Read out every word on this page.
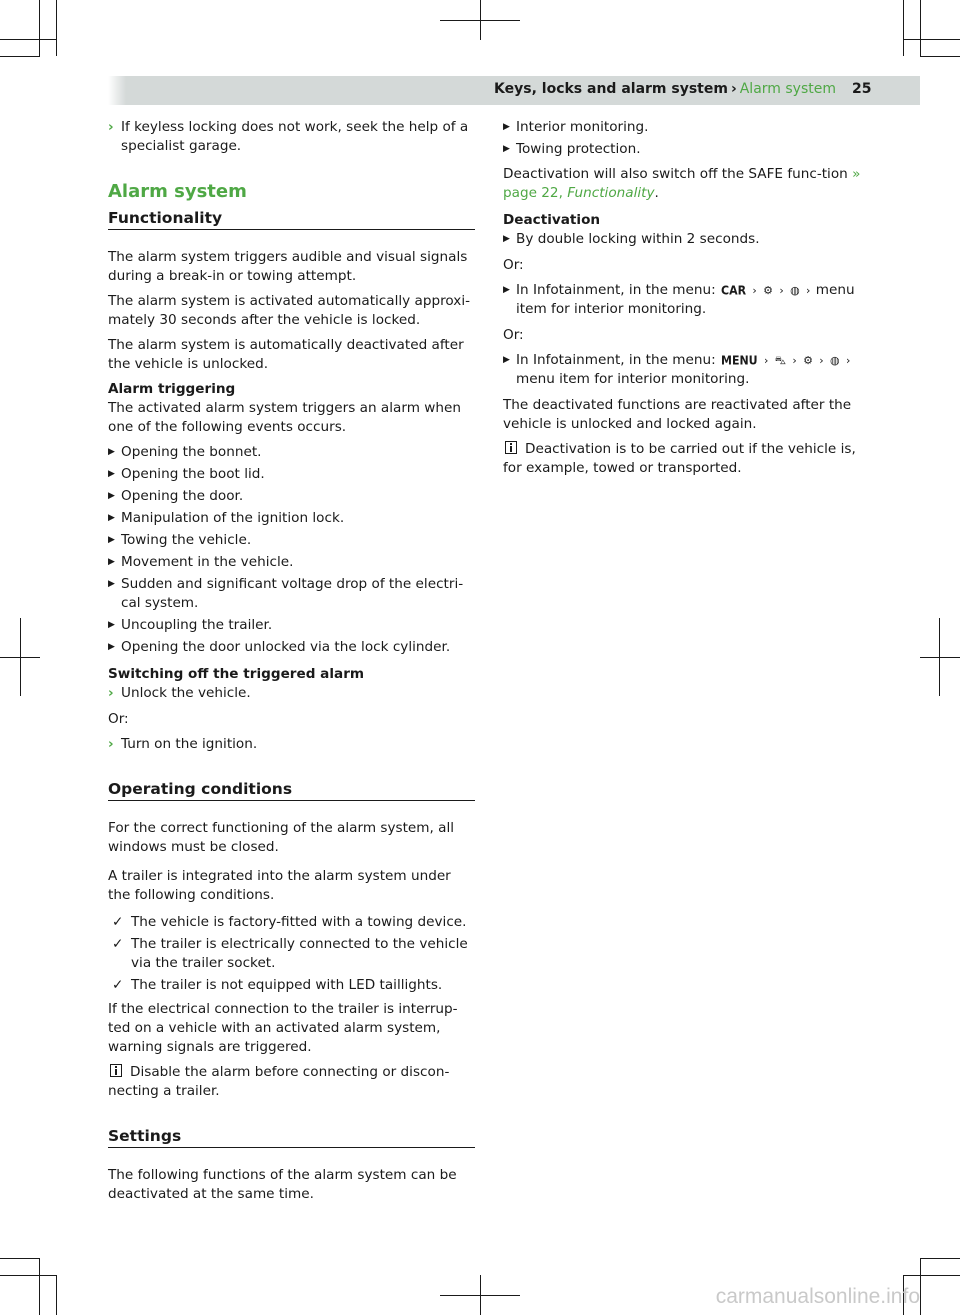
Keys, locks and alarm system › Alarm system 25
› If keyless locking does not work, seek the help of a specialist garage.
Alarm system
Functionality

The alarm system triggers audible and visual signals during a break-in or towing attempt.

The alarm system is activated automatically approxi-mately 30 seconds after the vehicle is locked.

The alarm system is automatically deactivated after the vehicle is unlocked.

Alarm triggering

The activated alarm system triggers an alarm when one of the following events occurs.

▶ Opening the bonnet.
▶ Opening the boot lid.
▶ Opening the door.
▶ Manipulation of the ignition lock.
▶ Towing the vehicle.
▶ Movement in the vehicle.
▶ Sudden and significant voltage drop of the electri-cal system.
▶ Uncoupling the trailer.
▶ Opening the door unlocked via the lock cylinder.
Switching off the triggered alarm
› Unlock the vehicle.

Or:

› Turn on the ignition.
Operating conditions

For the correct functioning of the alarm system, all windows must be closed.

A trailer is integrated into the alarm system under the following conditions.

✓ The vehicle is factory-fitted with a towing device.
✓ The trailer is electrically connected to the vehicle via the trailer socket.
✓ The trailer is not equipped with LED taillights.

If the electrical connection to the trailer is interrup-ted on a vehicle with an activated alarm system, warning signals are triggered.

Disable the alarm before connecting or discon-necting a trailer.

Settings

The following functions of the alarm system can be deactivated at the same time.

▶ Interior monitoring.
▶ Towing protection.

Deactivation will also switch off the SAFE func-tion » page 22, Functionality.

Deactivation
▶ By double locking within 2 seconds.

Or:

▶ In Infotainment, in the menu: CAR › ⚙ › ◍ › menu item for interior monitoring.

Or:

▶ In Infotainment, in the menu: MENU › ⛍ › ⚙ › ◍ › menu item for interior monitoring.

The deactivated functions are reactivated after the vehicle is unlocked and locked again.

Deactivation is to be carried out if the vehicle is, for example, towed or transported.

carmanualsonline.info
